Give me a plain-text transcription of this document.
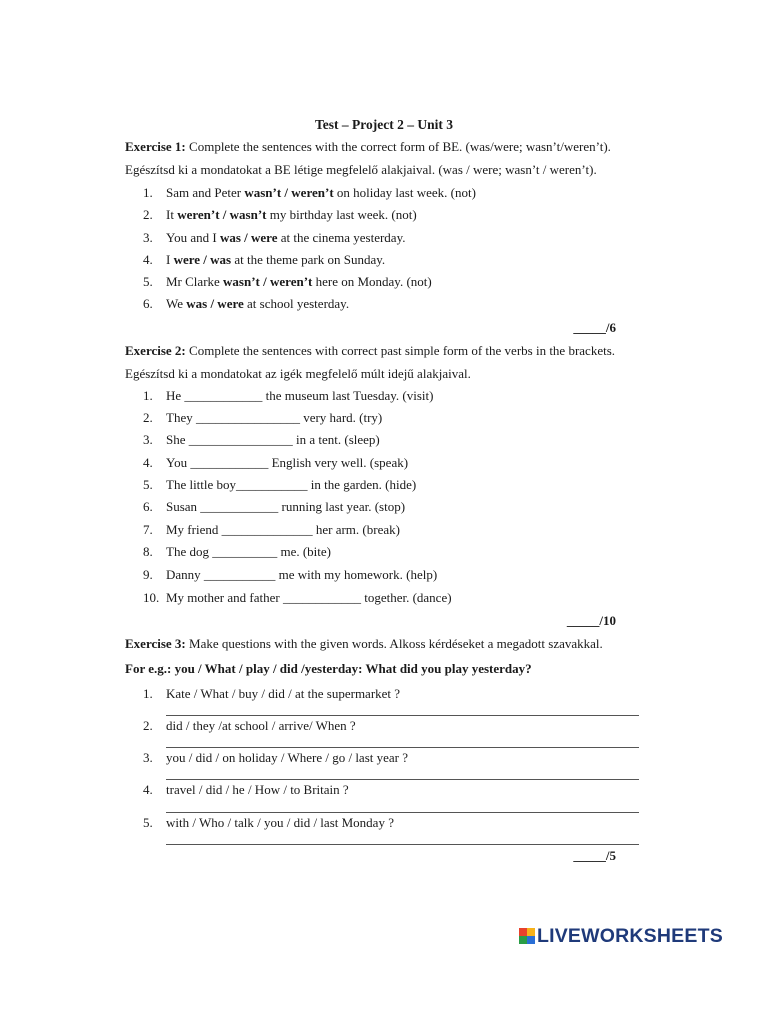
Test – Project 2 – Unit 3
Exercise 1: Complete the sentences with the correct form of BE. (was/were; wasn’t/weren’t).
Egészítsd ki a mondatokat a BE létige megfelelő alakjaival. (was / were; wasn’t / weren’t).
1. Sam and Peter wasn’t / weren’t on holiday last week. (not)
2. It weren’t / wasn’t my birthday last week. (not)
3. You and I was / were at the cinema yesterday.
4. I were / was at the theme park on Sunday.
5. Mr Clarke wasn’t / weren’t here on Monday. (not)
6. We was / were at school yesterday.
_____/6
Exercise 2: Complete the sentences with correct past simple form of the verbs in the brackets.
Egészítsd ki a mondatokat az igék megfelelő múlt idejű alakjaival.
1. He ____________ the museum last Tuesday. (visit)
2. They ________________ very hard. (try)
3. She ________________ in a tent. (sleep)
4. You ____________ English very well. (speak)
5. The little boy___________ in the garden. (hide)
6. Susan ____________ running last year. (stop)
7. My friend ______________ her arm. (break)
8. The dog __________ me. (bite)
9. Danny ___________ me with my homework. (help)
10. My mother and father ____________ together. (dance)
_____/10
Exercise 3: Make questions with the given words. Alkoss kérdéseket a megadott szavakkal.
For e.g.: you / What / play / did /yesterday: What did you play yesterday?
1. Kate / What / buy / did / at the supermarket ?
2. did / they /at school / arrive/ When ?
3. you / did / on holiday / Where / go / last year ?
4. travel / did / he / How / to Britain ?
5. with / Who / talk / you / did / last Monday ?
_____/5
LIVEWORKSHEETS
